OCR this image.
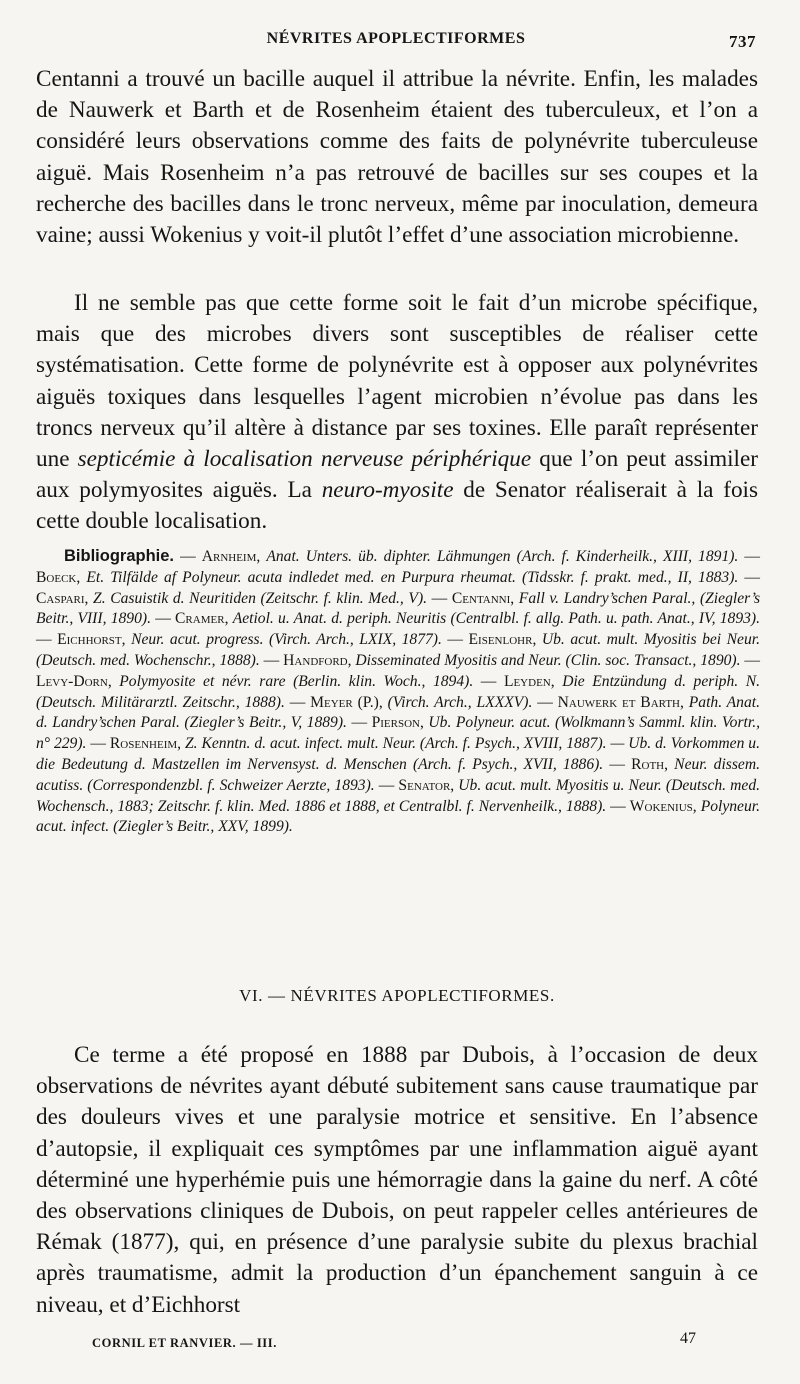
NÉVRITES APOPLECTIFORMES	737

Centanni a trouvé un bacille auquel il attribue la névrite. Enfin, les malades de Nauwerk et Barth et de Rosenheim étaient des tuberculeux, et l’on a considéré leurs observations comme des faits de polynévrite tuberculeuse aiguë. Mais Rosenheim n’a pas retrouvé de bacilles sur ses coupes et la recherche des bacilles dans le tronc nerveux, même par inoculation, demeura vaine; aussi Wokenius y voit-il plutôt l’effet d’une association microbienne.

Il ne semble pas que cette forme soit le fait d’un microbe spécifique, mais que des microbes divers sont susceptibles de réaliser cette systématisation. Cette forme de polynévrite est à opposer aux polynévrites aiguës toxiques dans lesquelles l’agent microbien n’évolue pas dans les troncs nerveux qu’il altère à distance par ses toxines. Elle paraît représenter une septicémie à localisation nerveuse périphérique que l’on peut assimiler aux polymyosites aiguës. La neuro-myosite de Senator réaliserait à la fois cette double localisation.

Bibliographie. — Arnheim, Anat. Unters. üb. diphter. Lähmungen (Arch. f. Kinderheilk., XIII, 1891). — Boeck, Et. Tilfälde af Polyneur. acuta indledet med. en Purpura rheumat. (Tidsskr. f. prakt. med., II, 1883). — Caspari, Z. Casuistik d. Neuritiden (Zeitschr. f. klin. Med., V). — Centanni, Fall v. Landry’schen Paral., (Ziegler’s Beitr., VIII, 1890). — Cramer, Aetiol. u. Anat. d. periph. Neuritis (Centralbl. f. allg. Path. u. path. Anat., IV, 1893). — Eichhorst, Neur. acut. progress. (Virch. Arch., LXIX, 1877). — Eisenlohr, Ub. acut. mult. Myositis bei Neur. (Deutsch. med. Wochenschr., 1888). — Handford, Disseminated Myositis and Neur. (Clin. soc. Transact., 1890). — Levy-Dorn, Polymyosite et névr. rare (Berlin. klin. Woch., 1894). — Leyden, Die Entzündung d. periph. N. (Deutsch. Militärarztl. Zeitschr., 1888). — Meyer (P.), (Virch. Arch., LXXXV). — Nauwerk et Barth, Path. Anat. d. Landry’schen Paral. (Ziegler’s Beitr., V, 1889). — Pierson, Ub. Polyneur. acut. (Wolkmann’s Samml. klin. Vortr., n° 229). — Rosenheim, Z. Kenntn. d. acut. infect. mult. Neur. (Arch. f. Psych., XVIII, 1887). — Ub. d. Vorkommen u. die Bedeutung d. Mastzellen im Nervensyst. d. Menschen (Arch. f. Psych., XVII, 1886). — Roth, Neur. dissem. acutiss. (Correspondenzbl. f. Schweizer Aerzte, 1893). — Senator, Ub. acut. mult. Myositis u. Neur. (Deutsch. med. Wochensch., 1883; Zeitschr. f. klin. Med. 1886 et 1888, et Centralbl. f. Nervenheilk., 1888). — Wokenius, Polyneur. acut. infect. (Ziegler’s Beitr., XXV, 1899).

VI. — NÉVRITES APOPLECTIFORMES.

Ce terme a été proposé en 1888 par Dubois, à l’occasion de deux observations de névrites ayant débuté subitement sans cause traumatique par des douleurs vives et une paralysie motrice et sensitive. En l’absence d’autopsie, il expliquait ces symptômes par une inflammation aiguë ayant déterminé une hyperhémie puis une hémorragie dans la gaine du nerf. A côté des observations cliniques de Dubois, on peut rappeler celles antérieures de Rémak (1877), qui, en présence d’une paralysie subite du plexus brachial après traumatisme, admit la production d’un épanchement sanguin à ce niveau, et d’Eichhorst

CORNIL ET RANVIER. — III.	47
